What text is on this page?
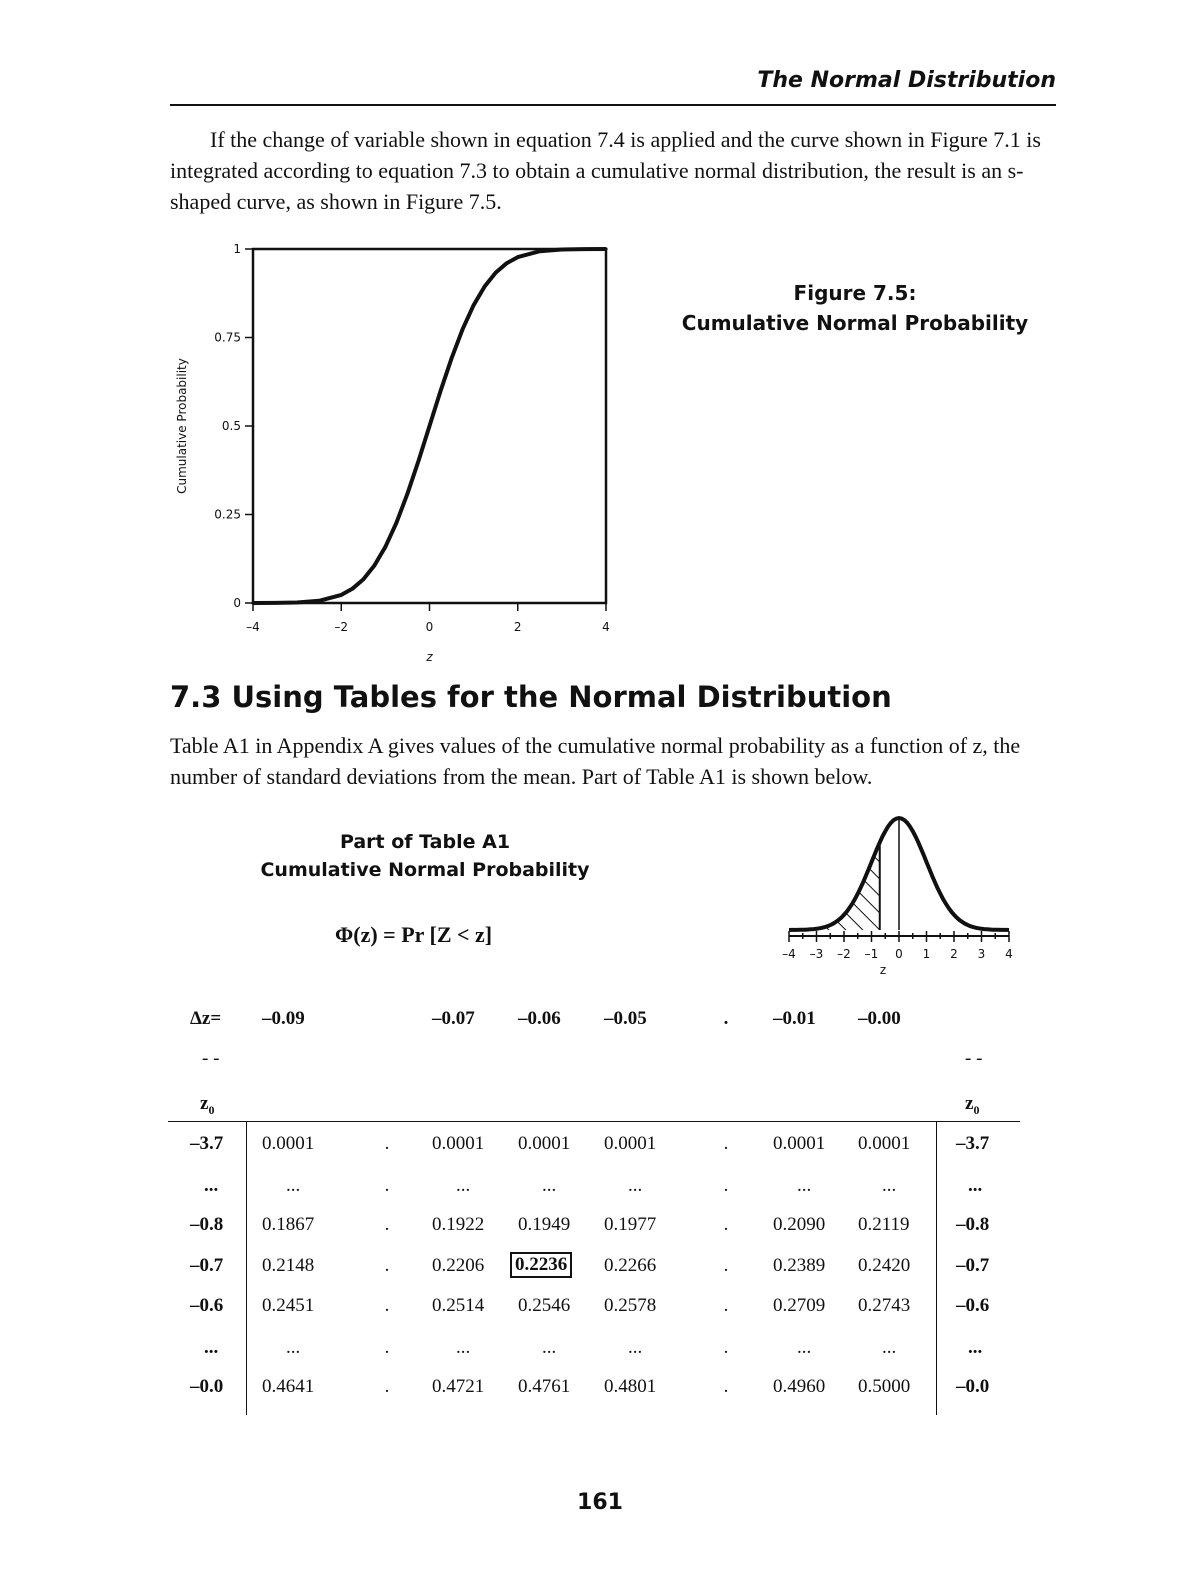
The Normal Distribution

If the change of variable shown in equation 7.4 is applied and the curve shown in Figure 7.1 is integrated according to equation 7.3 to obtain a cumulative normal distribution, the result is an s-shaped curve, as shown in Figure 7.5.

0
0.25
0.5
0.75
1
–4	–2	0	2	4
z
Cumulative Probability
Figure 7.5:
Cumulative Normal Probability
7.3 Using Tables for the Normal Distribution

Table A1 in Appendix A gives values of the cumulative normal probability as a function of z, the number of standard deviations from the mean. Part of Table A1 is shown below.

Part of Table A1
Cumulative Normal Probability
Φ(z) = Pr [Z < z]
–4 –3 –2 –1 0 1 2 3 4
z
Δz= –0.09	–0.07 –0.06 –0.05	.	–0.01 –0.00
- -	- -
$z_0$	$z_0$
–3.7 0.0001	.	0.0001 0.0001 0.0001	.	0.0001 0.0001 –3.7
...	...	.	...	...	...	.	...	...	...
–0.8 0.1867	.	0.1922 0.1949 0.1977	.	0.2090 0.2119 –0.8
–0.7 0.2148	.	0.2206 0.2236 0.2266	.	0.2389 0.2420 –0.7
–0.6 0.2451	.	0.2514 0.2546 0.2578	.	0.2709 0.2743 –0.6
...	...	.	...	...	...	.	...	...	...
–0.0 0.4641	.	0.4721 0.4761 0.4801	.	0.4960 0.5000 –0.0
161
